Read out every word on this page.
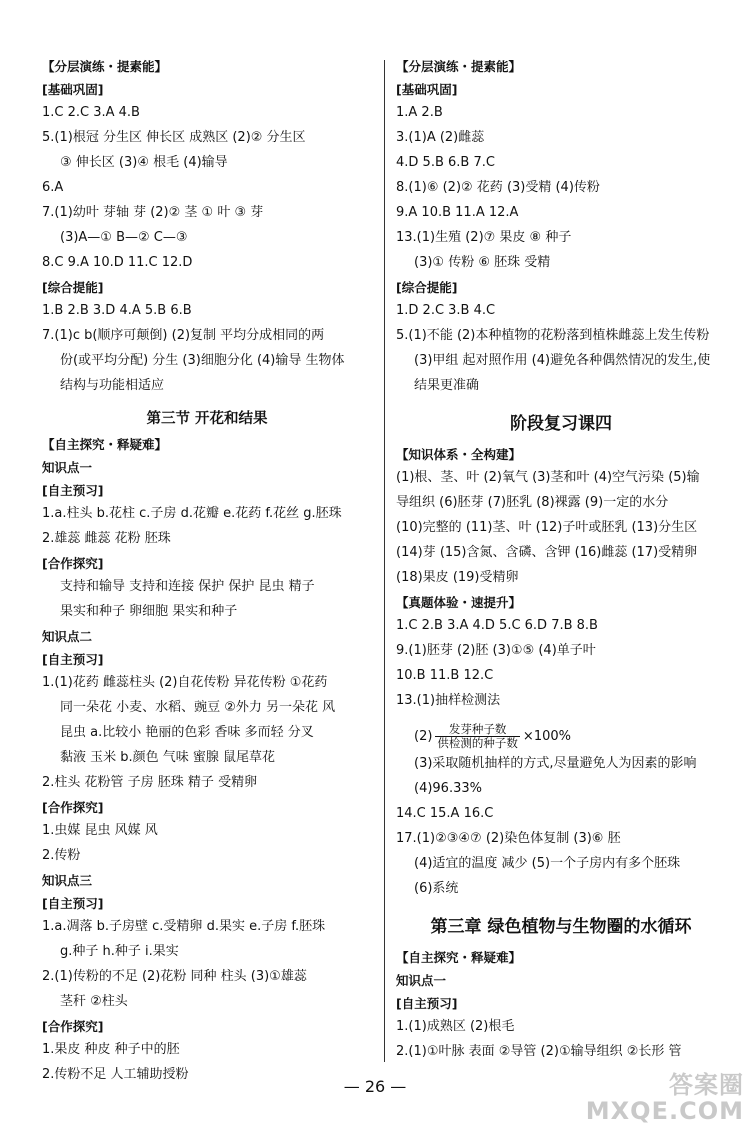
【分层演练・提素能】
[基础巩固]
1.C 2.C 3.A 4.B
5.(1)根冠 分生区 伸长区 成熟区 (2)② 分生区
③ 伸长区 (3)④ 根毛 (4)输导
6.A
7.(1)幼叶 芽轴 芽 (2)② 茎 ① 叶 ③ 芽
(3)A—① B—② C—③
8.C 9.A 10.D 11.C 12.D
[综合提能]
1.B 2.B 3.D 4.A 5.B 6.B
7.(1)c b(顺序可颠倒) (2)复制 平均分成相同的两
份(或平均分配) 分生 (3)细胞分化 (4)输导 生物体
结构与功能相适应
第三节 开花和结果
【自主探究・释疑难】
知识点一
[自主预习]
1.a.柱头 b.花柱 c.子房 d.花瓣 e.花药 f.花丝 g.胚珠
2.雄蕊 雌蕊 花粉 胚珠
[合作探究]
支持和输导 支持和连接 保护 保护 昆虫 精子
果实和种子 卵细胞 果实和种子
知识点二
[自主预习]
1.(1)花药 雌蕊柱头 (2)自花传粉 异花传粉 ①花药
同一朵花 小麦、水稻、豌豆 ②外力 另一朵花 风
昆虫 a.比较小 艳丽的色彩 香味 多而轻 分叉
黏液 玉米 b.颜色 气味 蜜腺 鼠尾草花
2.柱头 花粉管 子房 胚珠 精子 受精卵
[合作探究]
1.虫媒 昆虫 风媒 风
2.传粉
知识点三
[自主预习]
1.a.凋落 b.子房壁 c.受精卵 d.果实 e.子房 f.胚珠
g.种子 h.种子 i.果实
2.(1)传粉的不足 (2)花粉 同种 柱头 (3)①雄蕊
茎秆 ②柱头
[合作探究]
1.果皮 种皮 种子中的胚
2.传粉不足 人工辅助授粉
【分层演练・提素能】
[基础巩固]
1.A 2.B
3.(1)A (2)雌蕊
4.D 5.B 6.B 7.C
8.(1)⑥ (2)② 花药 (3)受精 (4)传粉
9.A 10.B 11.A 12.A
13.(1)生殖 (2)⑦ 果皮 ⑧ 种子
(3)① 传粉 ⑥ 胚珠 受精
[综合提能]
1.D 2.C 3.B 4.C
5.(1)不能 (2)本种植物的花粉落到植株雌蕊上发生传粉
(3)甲组 起对照作用 (4)避免各种偶然情况的发生,使
结果更准确
阶段复习课四
【知识体系・全构建】
(1)根、茎、叶 (2)氧气 (3)茎和叶 (4)空气污染 (5)输
导组织 (6)胚芽 (7)胚乳 (8)裸露 (9)一定的水分
(10)完整的 (11)茎、叶 (12)子叶或胚乳 (13)分生区
(14)芽 (15)含氮、含磷、含钾 (16)雌蕊 (17)受精卵
(18)果皮 (19)受精卵
【真题体验・速提升】
1.C 2.B 3.A 4.D 5.C 6.D 7.B 8.B
9.(1)胚芽 (2)胚 (3)①⑤ (4)单子叶
10.B 11.B 12.C
13.(1)抽样检测法
$(2) \frac{\text{发芽种子数}}{\text{供检测的种子数}} \times 100\%$
(3)采取随机抽样的方式,尽量避免人为因素的影响
(4)96.33%
14.C 15.A 16.C
17.(1)②③④⑦ (2)染色体复制 (3)⑥ 胚
(4)适宜的温度 减少 (5)一个子房内有多个胚珠
(6)系统
第三章 绿色植物与生物圈的水循环
【自主探究・释疑难】
知识点一
[自主预习]
1.(1)成熟区 (2)根毛
2.(1)①叶脉 表面 ②导管 (2)①输导组织 ②长形 管
— 26 —	答案圈
MXQE.COM
